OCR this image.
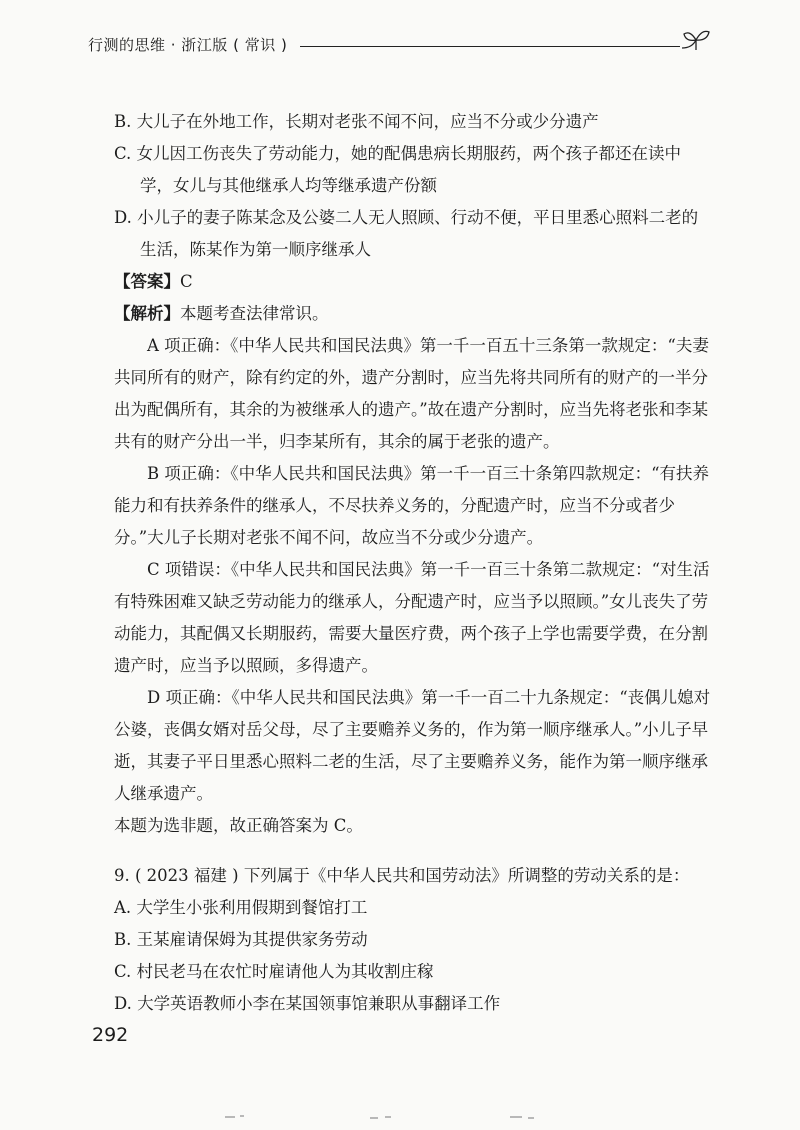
行测的思维 · 浙江版 ( 常识 )

B. 大儿子在外地工作，长期对老张不闻不问，应当不分或少分遗产

C. 女儿因工伤丧失了劳动能力，她的配偶患病长期服药，两个孩子都还在读中学，女儿与其他继承人均等继承遗产份额

D. 小儿子的妻子陈某念及公婆二人无人照顾、行动不便，平日里悉心照料二老的生活，陈某作为第一顺序继承人

【答案】C

【解析】本题考查法律常识。

A 项正确：《中华人民共和国民法典》第一千一百五十三条第一款规定：“夫妻共同所有的财产，除有约定的外，遗产分割时，应当先将共同所有的财产的一半分出为配偶所有，其余的为被继承人的遗产。”故在遗产分割时，应当先将老张和李某共有的财产分出一半，归李某所有，其余的属于老张的遗产。

B 项正确：《中华人民共和国民法典》第一千一百三十条第四款规定：“有扶养能力和有扶养条件的继承人，不尽扶养义务的，分配遗产时，应当不分或者少分。”大儿子长期对老张不闻不问，故应当不分或少分遗产。

C 项错误：《中华人民共和国民法典》第一千一百三十条第二款规定：“对生活有特殊困难又缺乏劳动能力的继承人，分配遗产时，应当予以照顾。”女儿丧失了劳动能力，其配偶又长期服药，需要大量医疗费，两个孩子上学也需要学费，在分割遗产时，应当予以照顾，多得遗产。

D 项正确：《中华人民共和国民法典》第一千一百二十九条规定：“丧偶儿媳对公婆，丧偶女婿对岳父母，尽了主要赡养义务的，作为第一顺序继承人。”小儿子早逝，其妻子平日里悉心照料二老的生活，尽了主要赡养义务，能作为第一顺序继承人继承遗产。

本题为选非题，故正确答案为 C。

9. ( 2023 福建 ) 下列属于《中华人民共和国劳动法》所调整的劳动关系的是：

A. 大学生小张利用假期到餐馆打工

B. 王某雇请保姆为其提供家务劳动

C. 村民老马在农忙时雇请他人为其收割庄稼

D. 大学英语教师小李在某国领事馆兼职从事翻译工作

292
